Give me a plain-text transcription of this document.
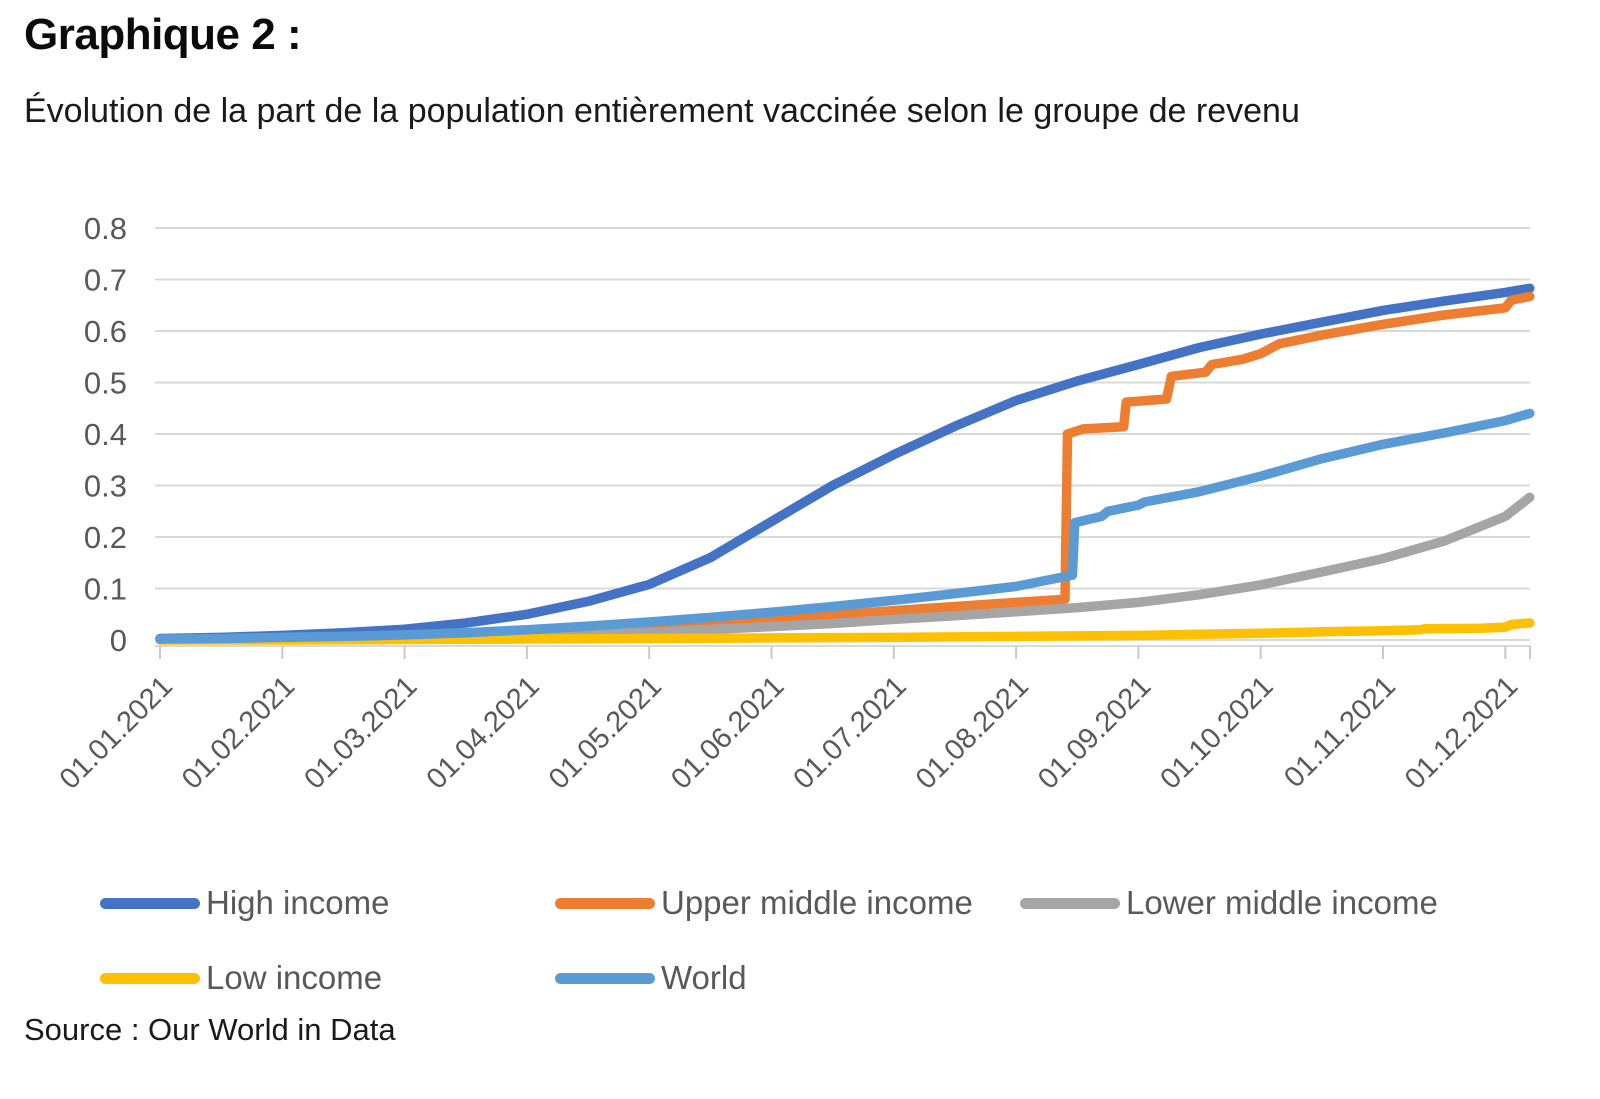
Graphique 2 :
Évolution de la part de la population entièrement vaccinée selon le groupe de revenu
0
0.1
0.2
0.3
0.4
0.5
0.6
0.7
0.8
01.01.2021
01.02.2021
01.03.2021
01.04.2021
01.05.2021
01.06.2021
01.07.2021
01.08.2021
01.09.2021
01.10.2021
01.11.2021
01.12.2021
High income	Upper middle income	Lower middle income
Low income	World
Source : Our World in Data
